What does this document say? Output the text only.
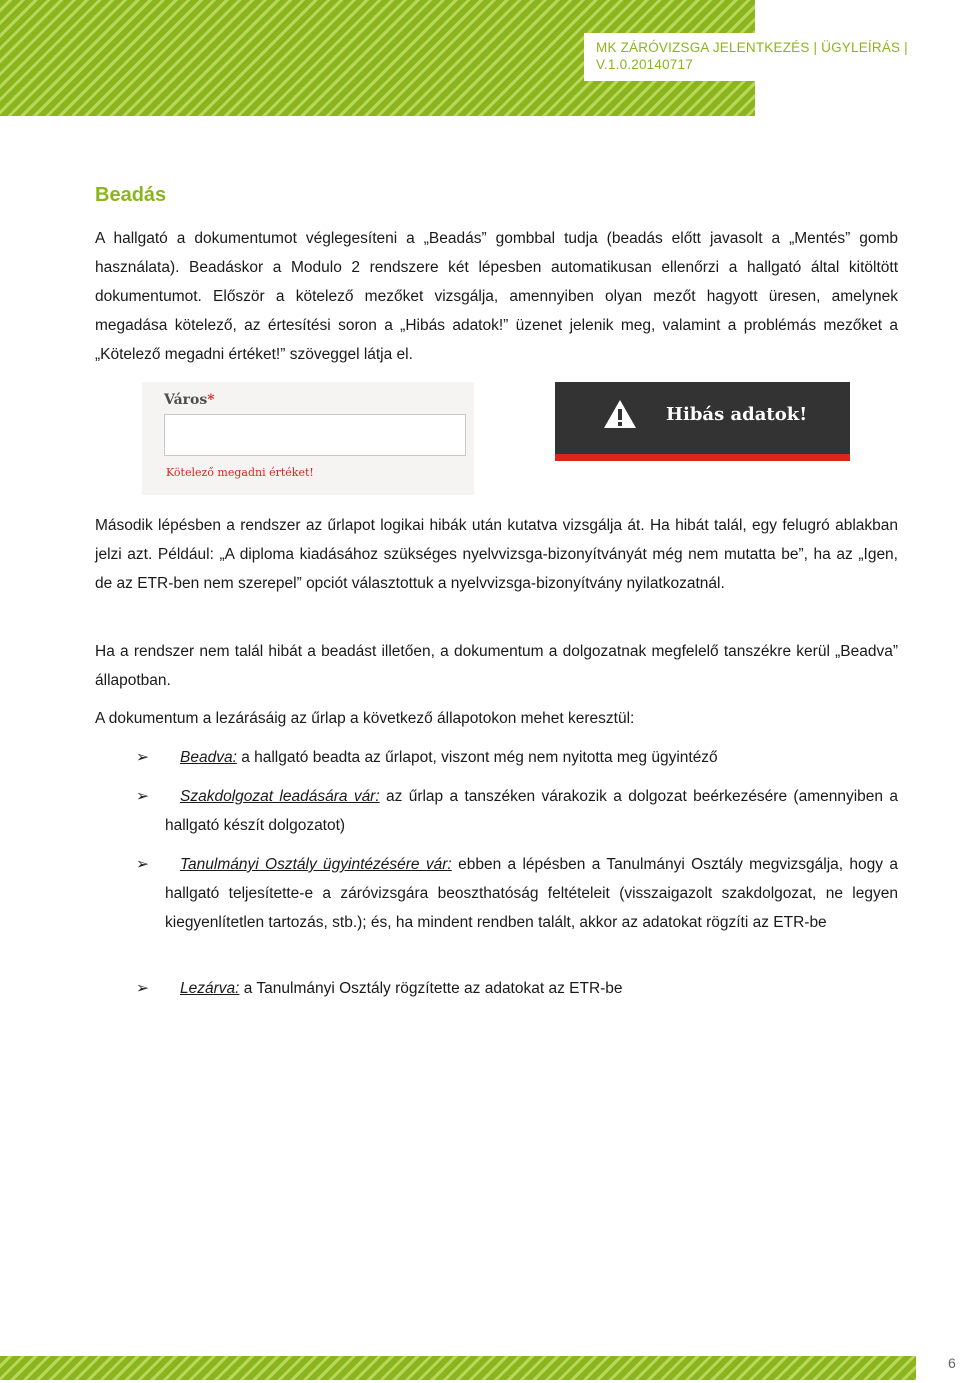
MK ZÁRÓVIZSGA JELENTKEZÉS | ÜGYLEÍRÁS |
V.1.0.20140717
Beadás

A hallgató a dokumentumot véglegesíteni a „Beadás” gombbal tudja (beadás előtt javasolt a „Mentés” gomb használata). Beadáskor a Modulo 2 rendszere két lépesben automatikusan ellenőrzi a hallgató által kitöltött dokumentumot. Először a kötelező mezőket vizsgálja, amennyiben olyan mezőt hagyott üresen, amelynek megadása kötelező, az értesítési soron a „Hibás adatok!” üzenet jelenik meg, valamint a problémás mezőket a „Kötelező megadni értéket!” szöveggel látja el.

Város*
Kötelező megadni értéket!
Hibás adatok!

Második lépésben a rendszer az űrlapot logikai hibák után kutatva vizsgálja át. Ha hibát talál, egy felugró ablakban jelzi azt. Például: „A diploma kiadásához szükséges nyelvvizsga-bizonyítványát még nem mutatta be”, ha az „Igen, de az ETR-ben nem szerepel” opciót választottuk a nyelvvizsga-bizonyítvány nyilatkozatnál.

Ha a rendszer nem talál hibát a beadást illetően, a dokumentum a dolgozatnak megfelelő tanszékre kerül „Beadva” állapotban.

A dokumentum a lezárásáig az űrlap a következő állapotokon mehet keresztül:

➢	Beadva: a hallgató beadta az űrlapot, viszont még nem nyitotta meg ügyintéző
➢	Szakdolgozat leadására vár: az űrlap a tanszéken várakozik a dolgozat beérkezésére (amennyiben a hallgató készít dolgozatot)
➢	Tanulmányi Osztály ügyintézésére vár: ebben a lépésben a Tanulmányi Osztály megvizsgálja, hogy a hallgató teljesítette-e a záróvizsgára beoszthatóság feltételeit (visszaigazolt szakdolgozat, ne legyen kiegyenlítetlen tartozás, stb.); és, ha mindent rendben talált, akkor az adatokat rögzíti az ETR-be
➢	Lezárva: a Tanulmányi Osztály rögzítette az adatokat az ETR-be
6
